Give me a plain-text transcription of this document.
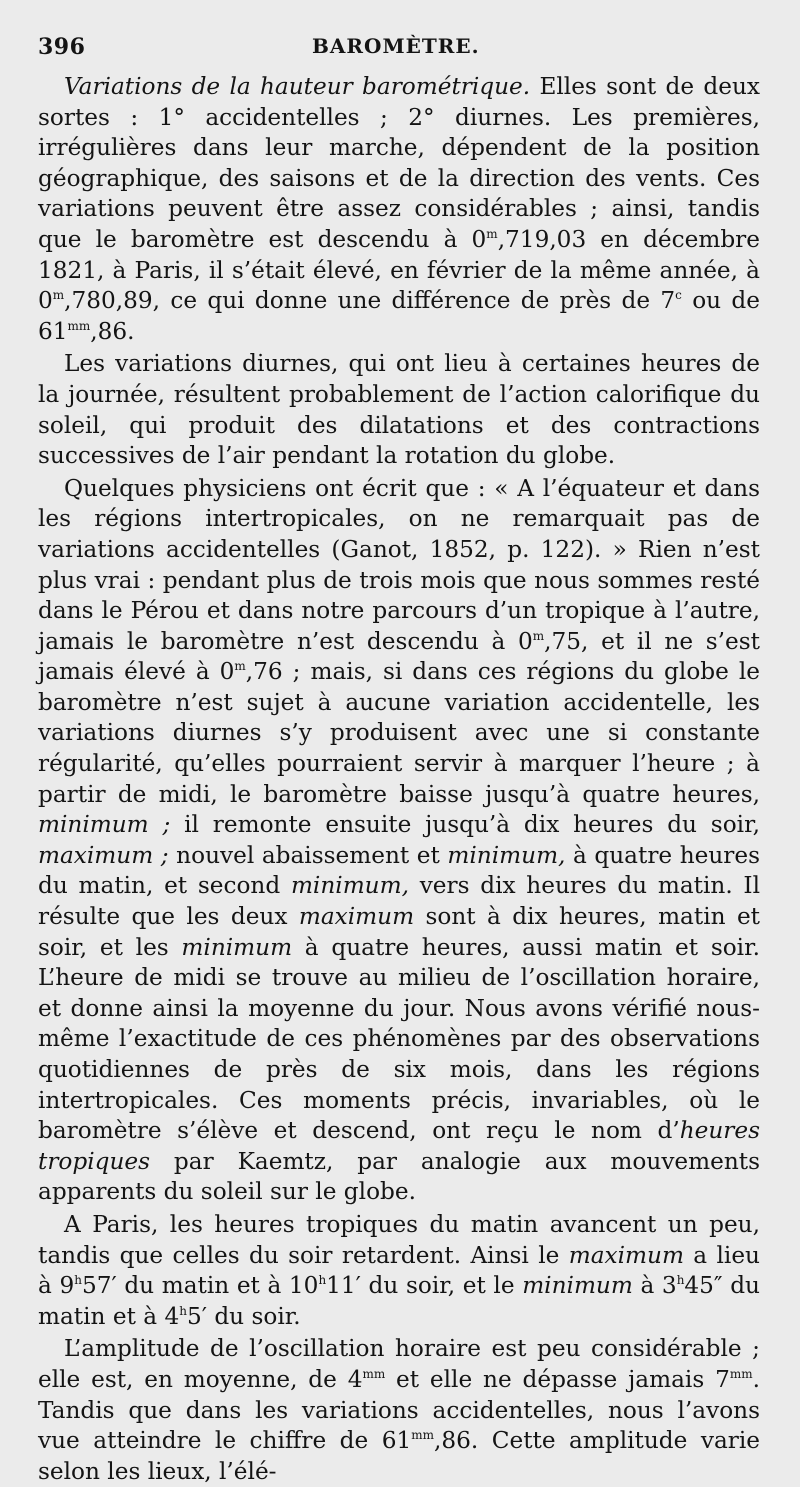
396	BAROMÈTRE.

Variations de la hauteur barométrique. Elles sont de deux sortes : 1° accidentelles ; 2° diurnes. Les premières, irrégulières dans leur marche, dépendent de la position géographique, des saisons et de la direction des vents. Ces variations peuvent être assez considérables ; ainsi, tandis que le baromètre est descendu à 0$^m$,719,03 en décembre 1821, à Paris, il s’était élevé, en février de la même année, à 0$^m$,780,89, ce qui donne une différence de près de 7$^c$ ou de $61^{mm},86$.

Les variations diurnes, qui ont lieu à certaines heures de la journée, résultent probablement de l’action calorifique du soleil, qui produit des dilatations et des contractions successives de l’air pendant la rotation du globe.

Quelques physiciens ont écrit que : « A l’équateur et dans les régions intertropicales, on ne remarquait pas de variations accidentelles (Ganot, 1852, p. 122). » Rien n’est plus vrai : pendant plus de trois mois que nous sommes resté dans le Pérou et dans notre parcours d’un tropique à l’autre, jamais le baromètre n’est descendu à 0$^m$,75, et il ne s’est jamais élevé à 0$^m$,76 ; mais, si dans ces régions du globe le baromètre n’est sujet à aucune variation accidentelle, les variations diurnes s’y produisent avec une si constante régularité, qu’elles pourraient servir à marquer l’heure ; à partir de midi, le baromètre baisse jusqu’à quatre heures, minimum ; il remonte ensuite jusqu’à dix heures du soir, maximum ; nouvel abaissement et minimum, à quatre heures du matin, et second minimum, vers dix heures du matin. Il résulte que les deux maximum sont à dix heures, matin et soir, et les minimum à quatre heures, aussi matin et soir. L’heure de midi se trouve au milieu de l’oscillation horaire, et donne ainsi la moyenne du jour. Nous avons vérifié nous-même l’exactitude de ces phénomènes par des observations quotidiennes de près de six mois, dans les régions intertropicales. Ces moments précis, invariables, où le baromètre s’élève et descend, ont reçu le nom d’heures tropiques par Kaemtz, par analogie aux mouvements apparents du soleil sur le globe.

A Paris, les heures tropiques du matin avancent un peu, tandis que celles du soir retardent. Ainsi le maximum a lieu à 9$^h$57′ du matin et à 10$^h$11′ du soir, et le minimum à 3$^h$45″ du matin et à 4$^h$5′ du soir.

L’amplitude de l’oscillation horaire est peu considérable ; elle est, en moyenne, de $4^{mm}$ et elle ne dépasse jamais $7^{mm}$. Tandis que dans les variations accidentelles, nous l’avons vue atteindre le chiffre de $61^{mm},86$. Cette amplitude varie selon les lieux, l’élé-
